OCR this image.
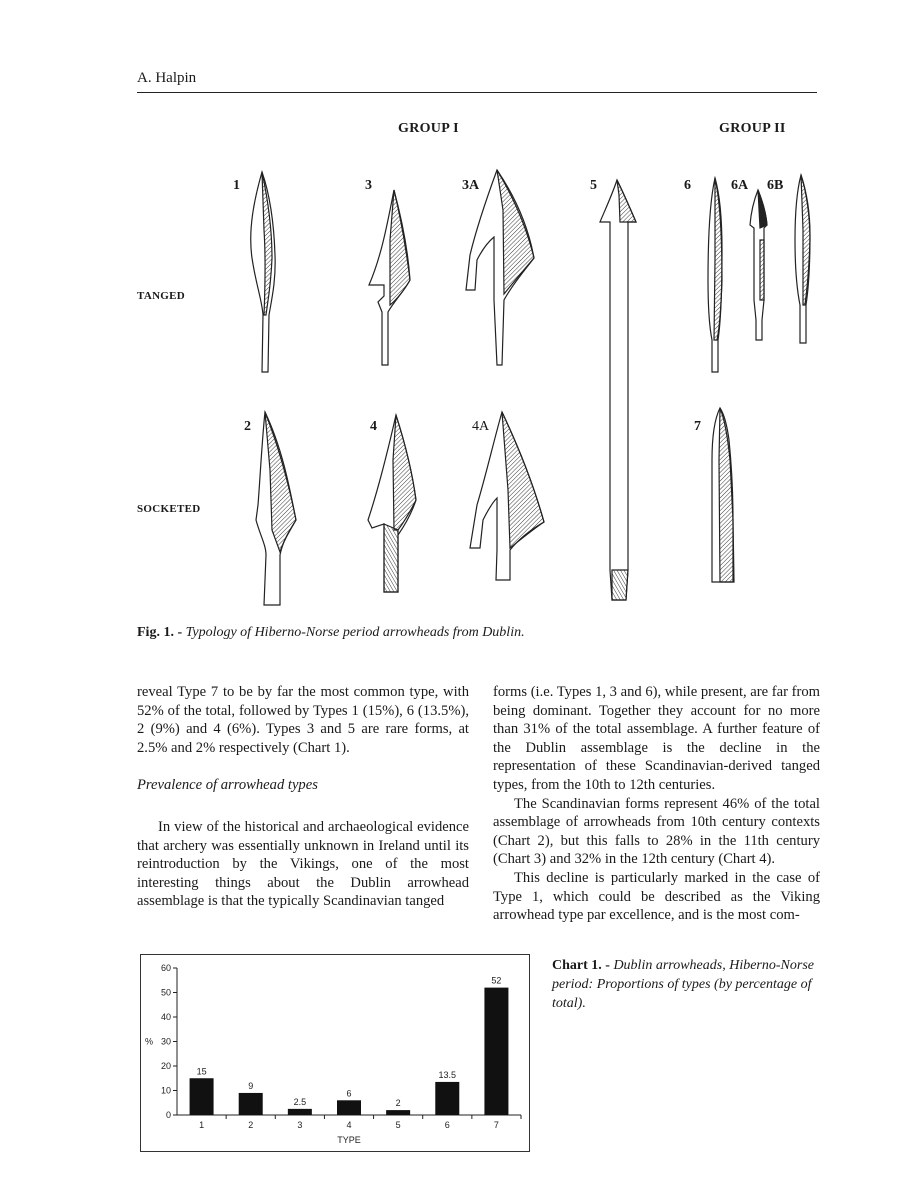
A. Halpin
GROUP I	GROUP II
TANGED
SOCKETED
1	3	3A	5	6	6A 6B
2	4	4A	7
Fig. 1. - Typology of Hiberno-Norse period arrowheads from Dublin.

reveal Type 7 to be by far the most common type, with 52% of the total, followed by Types 1 (15%), 6 (13.5%), 2 (9%) and 4 (6%). Types 3 and 5 are rare forms, at 2.5% and 2% respectively (Chart 1).

Prevalence of arrowhead types

In view of the historical and archaeological evidence that archery was essentially unknown in Ireland until its reintroduction by the Vikings, one of the most interesting things about the Dublin arrowhead assemblage is that the typically Scandinavian tanged

forms (i.e. Types 1, 3 and 6), while present, are far from being dominant. Together they account for no more than 31% of the total assemblage. A further feature of the Dublin assemblage is the decline in the representation of these Scandinavian-derived tanged types, from the 10th to 12th centuries.

The Scandinavian forms represent 46% of the total assemblage of arrowheads from 10th century contexts (Chart 2), but this falls to 28% in the 11th century (Chart 3) and 32% in the 12th century (Chart 4).

This decline is particularly marked in the case of Type 1, which could be described as the Viking arrowhead type par excellence, and is the most com-

0
10
20
30
40
50
60
%
15
1
9
2
2.5
3
6
4
2
5
13.5
6
52
7
TYPE
Chart 1. - Dublin arrowheads, Hiberno-Norse period: Proportions of types (by percentage of total).
